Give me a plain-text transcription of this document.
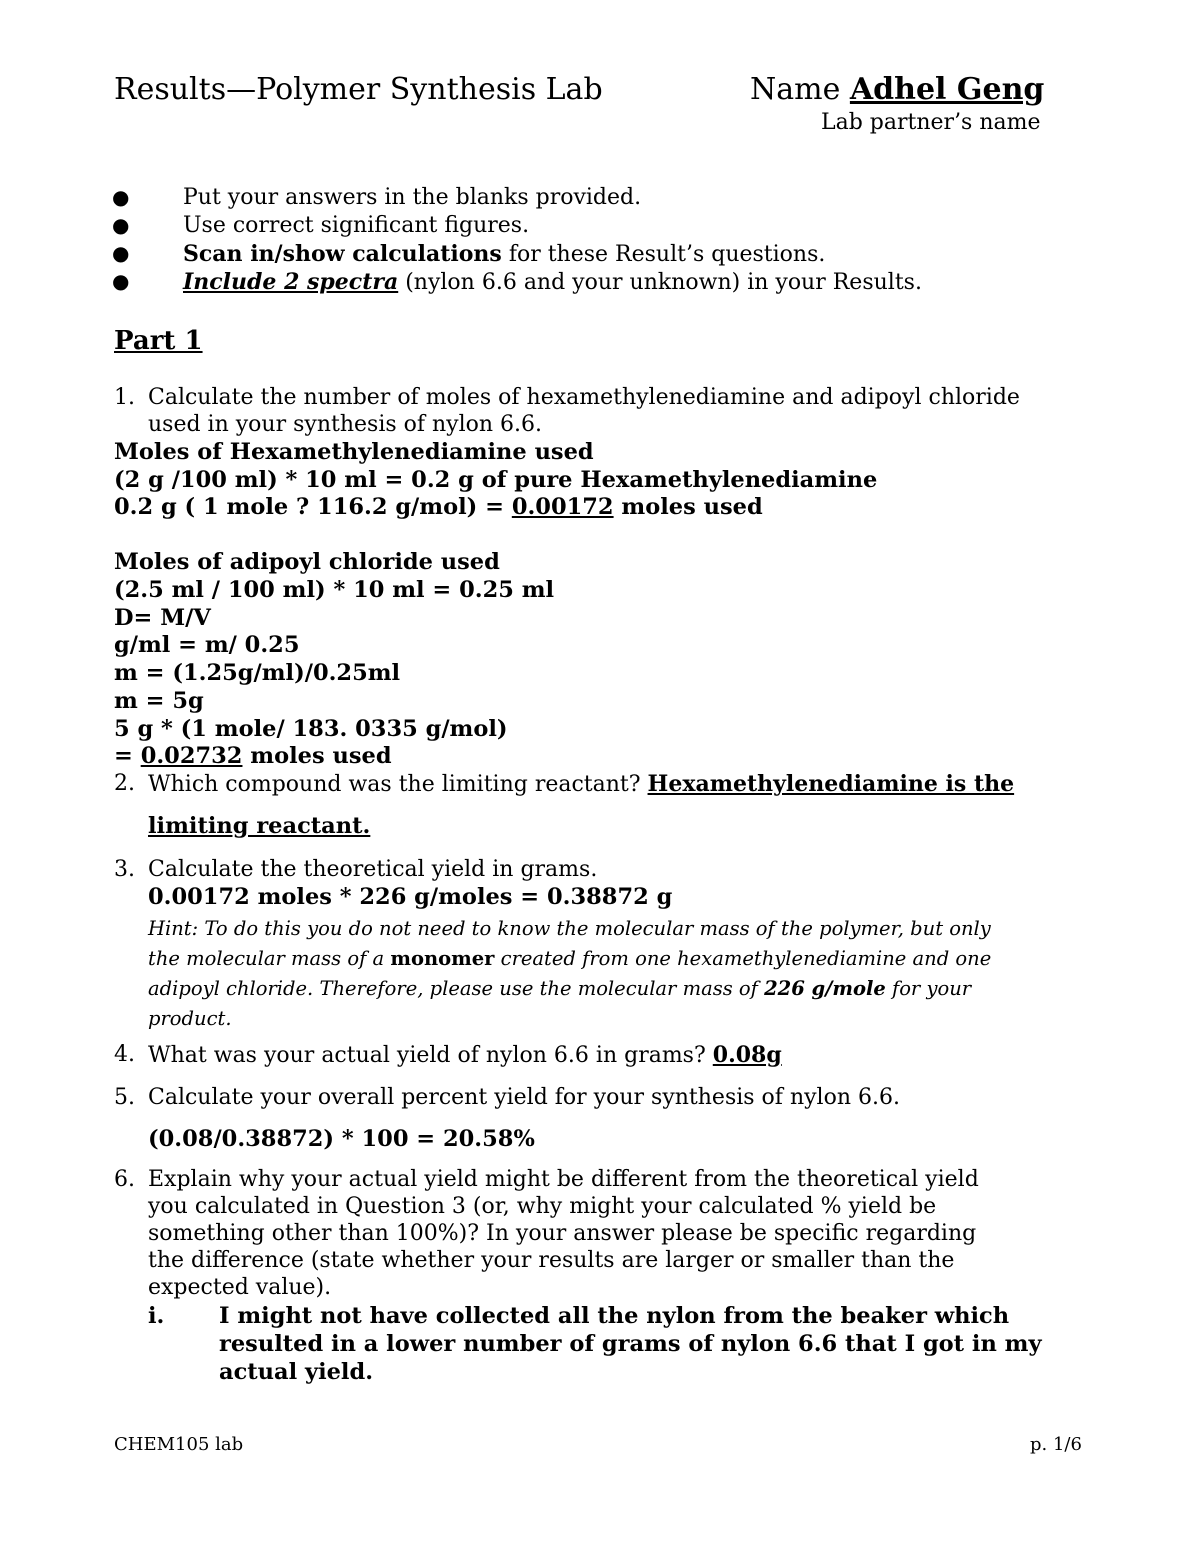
Results—Polymer Synthesis Lab	Name Adhel Geng
Lab partner’s name
● Put your answers in the blanks provided.
● Use correct significant figures.
● Scan in/show calculations for these Result’s questions.
● Include 2 spectra (nylon 6.6 and your unknown) in your Results.
Part 1
1. Calculate the number of moles of hexamethylenediamine and adipoyl chloride
used in your synthesis of nylon 6.6.
Moles of Hexamethylenediamine used
(2 g /100 ml) * 10 ml = 0.2 g of pure Hexamethylenediamine
0.2 g ( 1 mole ? 116.2 g/mol) = 0.00172 moles used
Moles of adipoyl chloride used
(2.5 ml / 100 ml) * 10 ml = 0.25 ml
D= M/V
g/ml = m/ 0.25
m = (1.25g/ml)/0.25ml
m = 5g
5 g * (1 mole/ 183. 0335 g/mol)
= 0.02732 moles used
2. Which compound was the limiting reactant? Hexamethylenediamine is the
limiting reactant.
3. Calculate the theoretical yield in grams.
0.00172 moles * 226 g/moles = 0.38872 g
Hint: To do this you do not need to know the molecular mass of the polymer, but only
the molecular mass of a monomer created from one hexamethylenediamine and one
adipoyl chloride. Therefore, please use the molecular mass of 226 g/mole for your
product.
4. What was your actual yield of nylon 6.6 in grams? 0.08g
5. Calculate your overall percent yield for your synthesis of nylon 6.6.
(0.08/0.38872) * 100 = 20.58%
6. Explain why your actual yield might be different from the theoretical yield
you calculated in Question 3 (or, why might your calculated % yield be
something other than 100%)? In your answer please be specific regarding
the difference (state whether your results are larger or smaller than the
expected value).
i. I might not have collected all the nylon from the beaker which
resulted in a lower number of grams of nylon 6.6 that I got in my
actual yield.
CHEM105 lab	p. 1/6
